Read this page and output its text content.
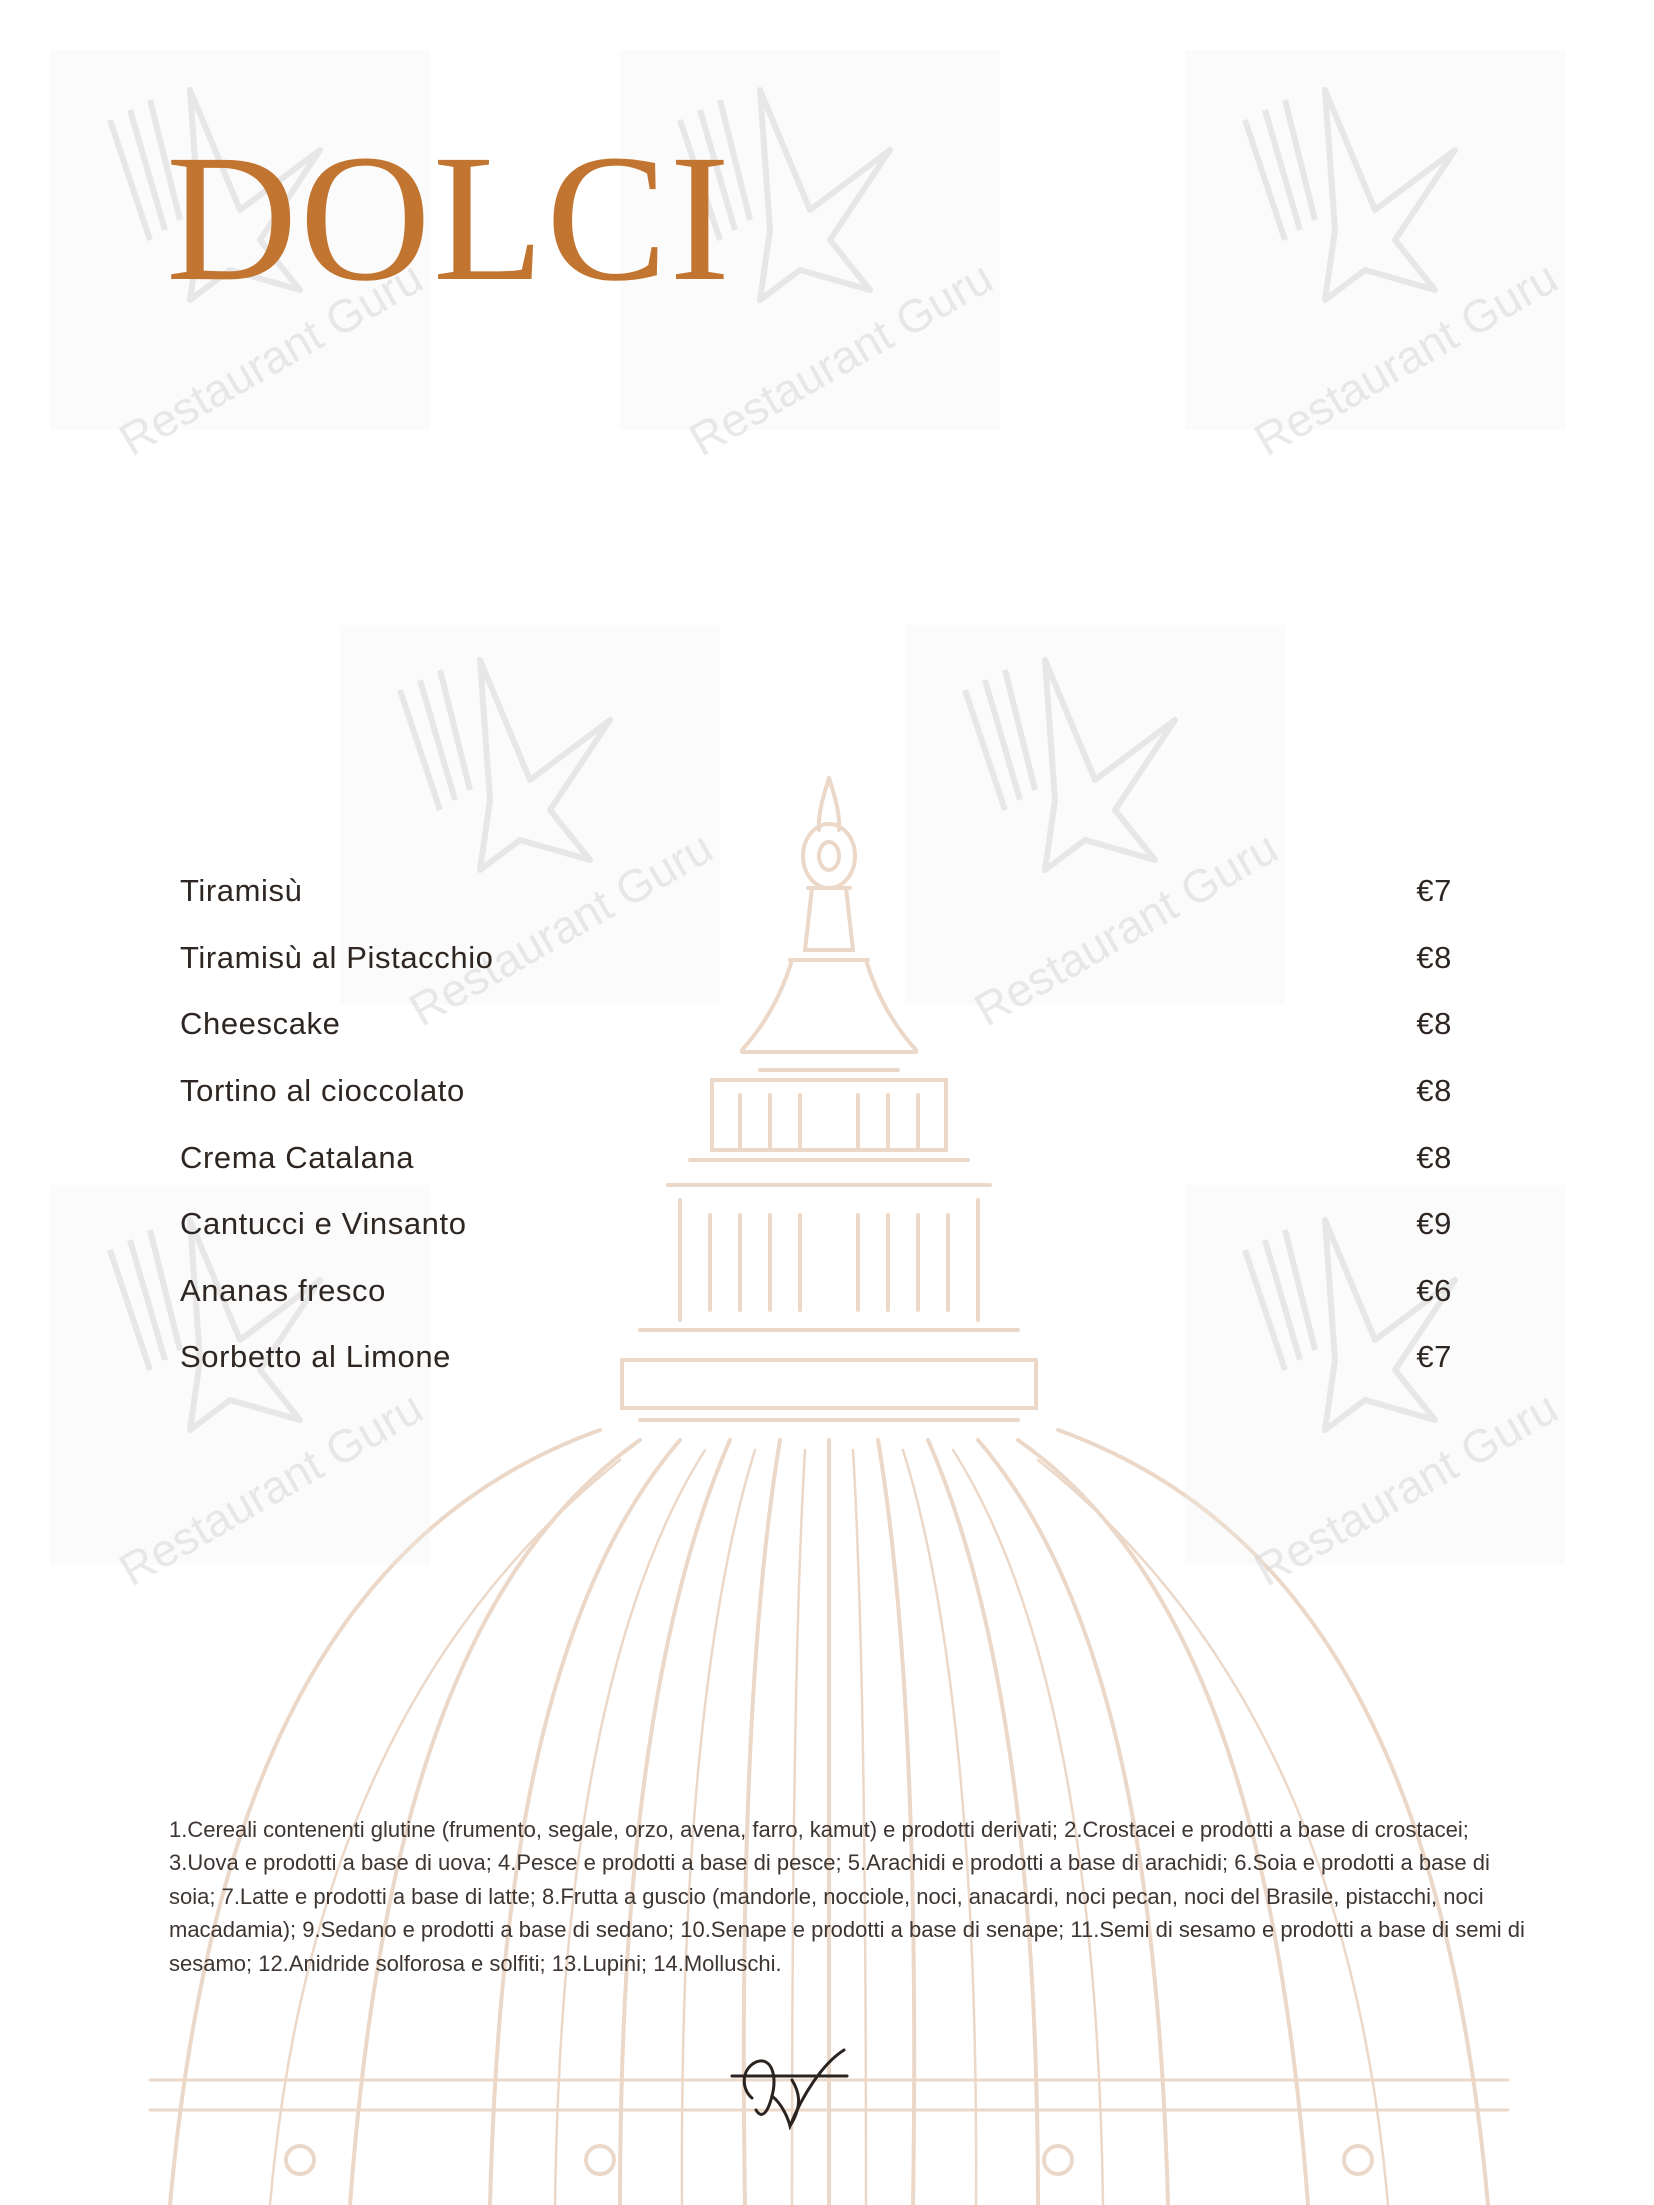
Restaurant Guru	Restaurant Guru	Restaurant Guru
Restaurant Guru	Restaurant Guru
Restaurant Guru	Restaurant Guru
DOLCI
Tiramisù	€7
Tiramisù al Pistacchio	€8
Cheescake	€8
Tortino al cioccolato	€8
Crema Catalana	€8
Cantucci e Vinsanto	€9
Ananas fresco	€6
Sorbetto al Limone	€7

1.Cereali contenenti glutine (frumento, segale, orzo, avena, farro, kamut) e prodotti derivati; 2.Crostacei e prodotti a base di crostacei; 3.Uova e prodotti a base di uova; 4.Pesce e prodotti a base di pesce; 5.Arachidi e prodotti a base di arachidi; 6.Soia e prodotti a base di soia; 7.Latte e prodotti a base di latte; 8.Frutta a guscio (mandorle, nocciole, noci, anacardi, noci pecan, noci del Brasile, pistacchi, noci macadamia); 9.Sedano e prodotti a base di sedano; 10.Senape e prodotti a base di senape; 11.Semi di sesamo e prodotti a base di semi di sesamo; 12.Anidride solforosa e solfiti; 13.Lupini; 14.Molluschi.
